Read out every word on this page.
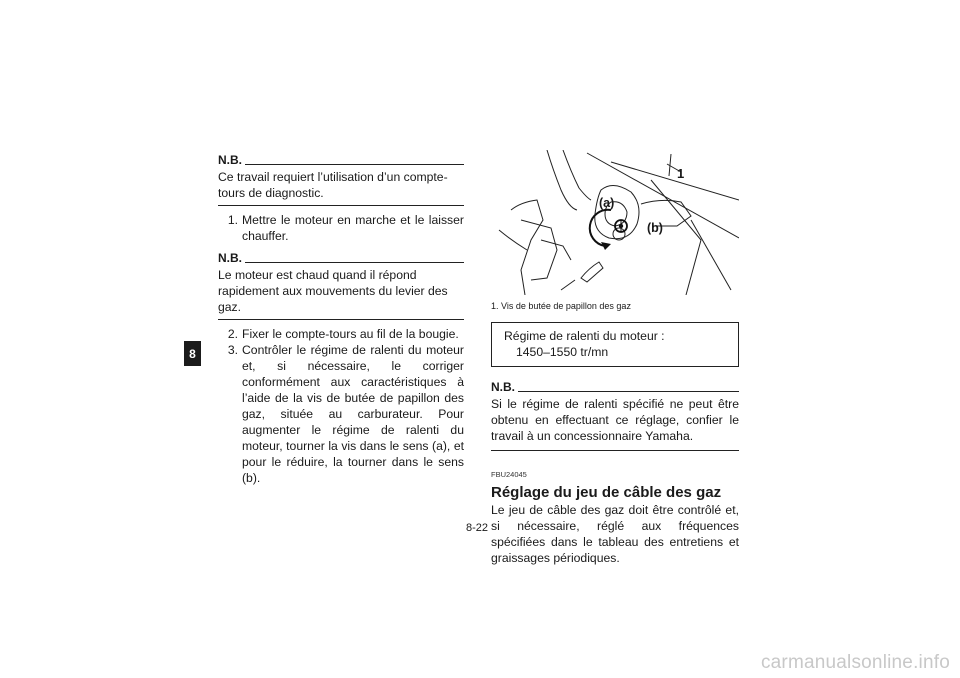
8
N.B.
Ce travail requiert l’utilisation d’un compte-tours de diagnostic.
1. Mettre le moteur en marche et le laisser chauffer.
N.B.
Le moteur est chaud quand il répond rapidement aux mouvements du levier des gaz.
2. Fixer le compte-tours au fil de la bougie.
3. Contrôler le régime de ralenti du moteur et, si nécessaire, le corriger conformément aux caractéristiques à l’aide de la vis de butée de papillon des gaz, située au carburateur. Pour augmenter le régime de ralenti du moteur, tourner la vis dans le sens (a), et pour le réduire, la tourner dans le sens (b).
1
(a)
(b)
1. Vis de butée de papillon des gaz
Régime de ralenti du moteur :
1450–1550 tr/mn
N.B.
Si le régime de ralenti spécifié ne peut être obtenu en effectuant ce réglage, confier le travail à un concessionnaire Yamaha.
FBU24045
Réglage du jeu de câble des gaz
Le jeu de câble des gaz doit être contrôlé et, si nécessaire, réglé aux fréquences spécifiées dans le tableau des entretiens et graissages périodiques.
8-22
carmanualsonline.info
